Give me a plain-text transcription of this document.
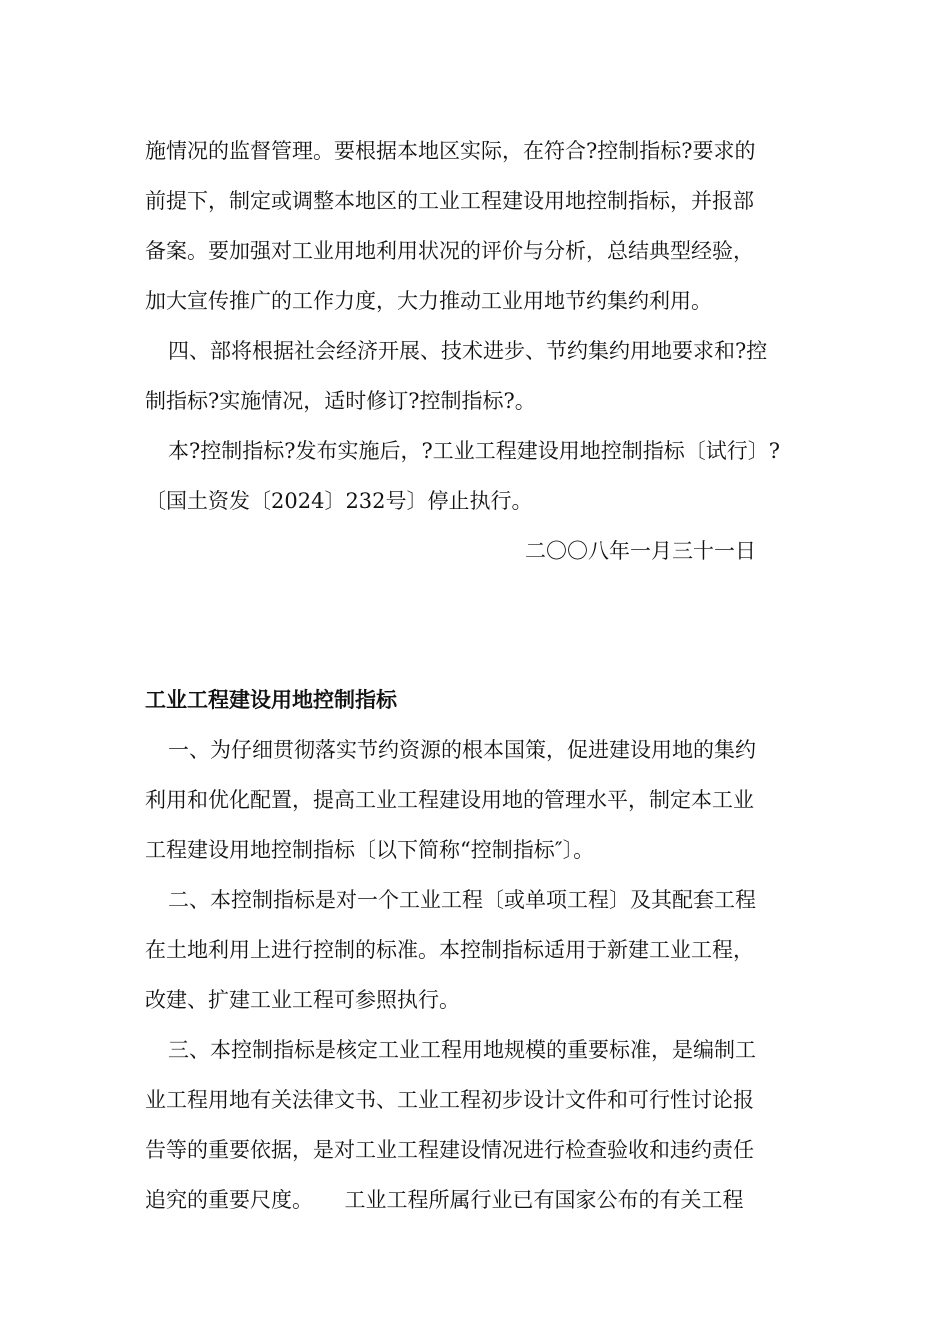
施情况的监督管理。要根据本地区实际，在符合?控制指标?要求的
前提下，制定或调整本地区的工业工程建设用地控制指标，并报部
备案。要加强对工业用地利用状况的评价与分析，总结典型经验，
加大宣传推广的工作力度，大力推动工业用地节约集约利用。
四、部将根据社会经济开展、技术进步、节约集约用地要求和?控
制指标?实施情况，适时修订?控制指标?。
本?控制指标?发布实施后，?工业工程建设用地控制指标〔试行〕?
〔国土资发〔2024〕232号〕停止执行。
二〇〇八年一月三十一日
工业工程建设用地控制指标
一、为仔细贯彻落实节约资源的根本国策，促进建设用地的集约
利用和优化配置，提高工业工程建设用地的管理水平，制定本工业
工程建设用地控制指标〔以下简称“控制指标″〕。
二、本控制指标是对一个工业工程〔或单项工程〕及其配套工程
在土地利用上进行控制的标准。本控制指标适用于新建工业工程，
改建、扩建工业工程可参照执行。
三、本控制指标是核定工业工程用地规模的重要标准，是编制工
业工程用地有关法律文书、工业工程初步设计文件和可行性讨论报
告等的重要依据，是对工业工程建设情况进行检查验收和违约责任
追究的重要尺度。　　工业工程所属行业已有国家公布的有关工程
